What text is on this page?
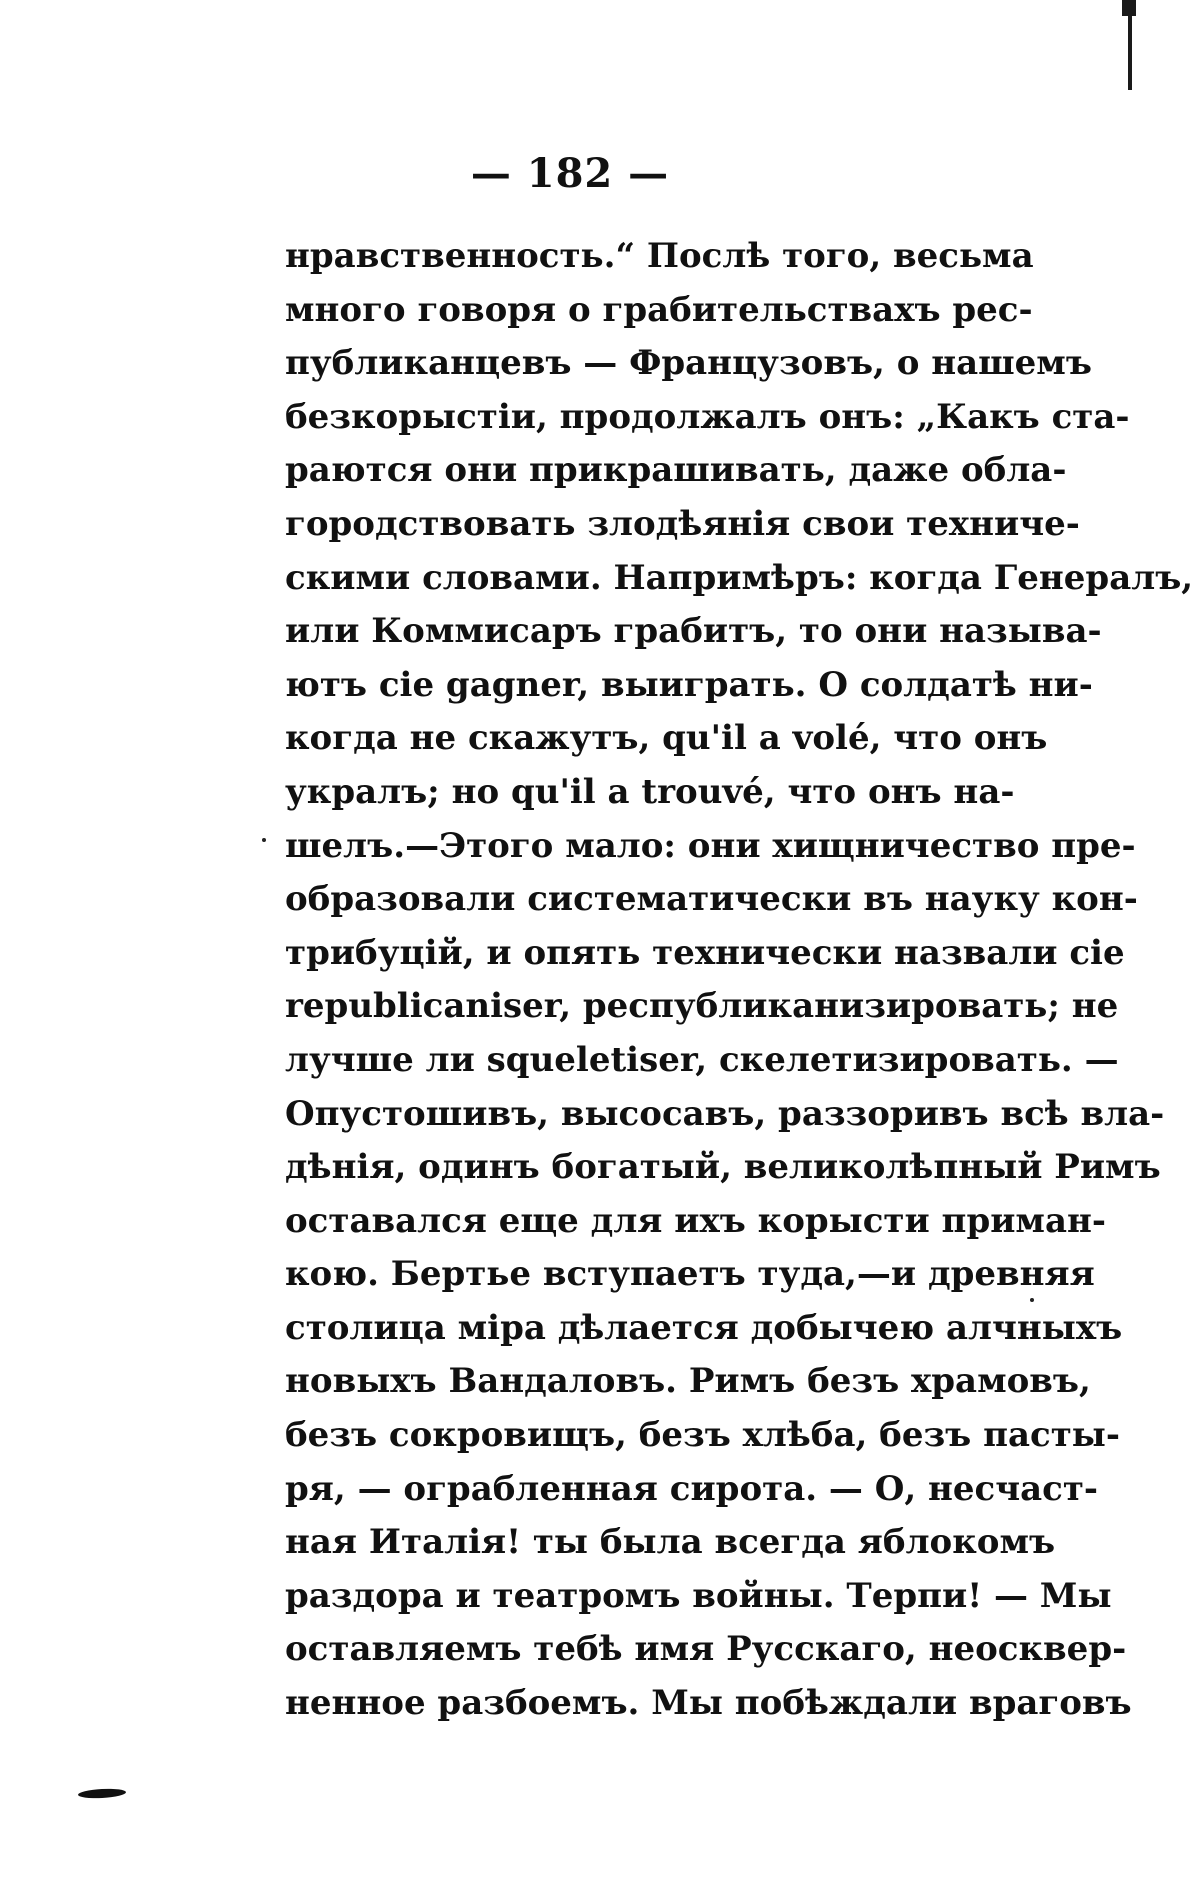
— 182 —
нравственность.“ Послѣ того, весьма
много говоря о грабительствахъ рес-
публиканцевъ — Французовъ, о нашемъ
безкорыстіи, продолжалъ онъ: „Какъ ста-
раются они прикрашивать, даже обла-
городствовать злодѣянія свои техниче-
скими словами. Напримѣръ: когда Генералъ,
или Коммисаръ грабитъ, то они называ-
ютъ сіе gagner, выиграть. О солдатѣ ни-
когда не скажутъ, qu'il a volé, что онъ
укралъ; но qu'il a trouvé, что онъ на-
шелъ.—Этого мало: они хищничество пре-
образовали систематически въ науку кон-
трибуцій, и опять технически назвали сіе
republicaniser, республиканизировать; не
лучше ли squeletiser, скелетизировать. —
Опустошивъ, высосавъ, раззоривъ всѣ вла-
дѣнія, одинъ богатый, великолѣпный Римъ
оставался еще для ихъ корысти приман-
кою. Бертье вступаетъ туда,—и древняя
столица міра дѣлается добычею алчныхъ
новыхъ Вандаловъ. Римъ безъ храмовъ,
безъ сокровищъ, безъ хлѣба, безъ пасты-
ря, — ограбленная сирота. — О, несчаст-
ная Италія! ты была всегда яблокомъ
раздора и театромъ войны. Терпи! — Мы
оставляемъ тебѣ имя Русскаго, неосквер-
ненное разбоемъ. Мы побѣждали враговъ
